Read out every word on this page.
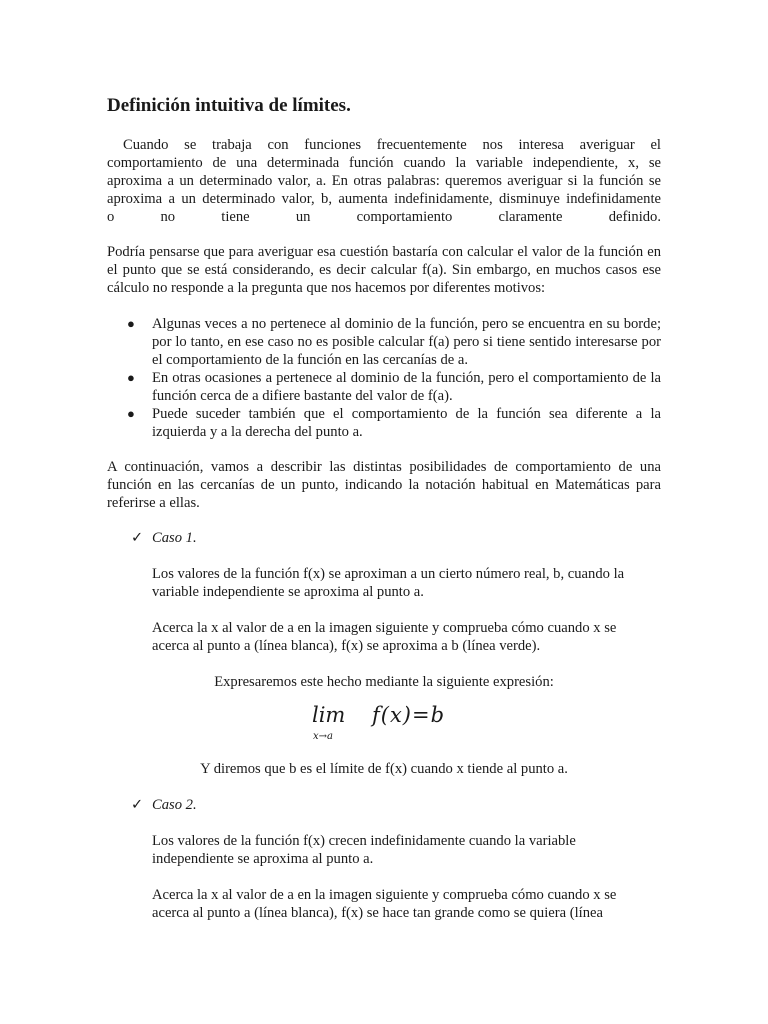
Definición intuitiva de límites.

Cuando se trabaja con funciones frecuentemente nos interesa averiguar el

comportamiento de una determinada función cuando la variable independiente, x, se

aproxima a un determinado valor, a. En otras palabras: queremos averiguar si la función se

aproxima a un determinado valor, b, aumenta indefinidamente, disminuye indefinidamente

o no tiene un comportamiento claramente definido.

Podría pensarse que para averiguar esa cuestión bastaría con calcular el valor de la función en el punto que se está considerando, es decir calcular f(a). Sin embargo, en muchos casos ese cálculo no responde a la pregunta que nos hacemos por diferentes motivos:

● Algunas veces a no pertenece al dominio de la función, pero se encuentra en su borde; por lo tanto, en ese caso no es posible calcular f(a) pero si tiene sentido interesarse por el comportamiento de la función en las cercanías de a.
● En otras ocasiones a pertenece al dominio de la función, pero el comportamiento de la función cerca de a difiere bastante del valor de f(a).
● Puede suceder también que el comportamiento de la función sea diferente a la izquierda y a la derecha del punto a.

A continuación, vamos a describir las distintas posibilidades de comportamiento de una función en las cercanías de un punto, indicando la notación habitual en Matemáticas para referirse a ellas.

✓ Caso 1.

Los valores de la función f(x) se aproximan a un cierto número real, b, cuando la variable independiente se aproxima al punto a.

Acerca la x al valor de a en la imagen siguiente y comprueba cómo cuando x se acerca al punto a (línea blanca), f(x) se aproxima a b (línea verde).

Expresaremos este hecho mediante la siguiente expresión:

lim
x→a
f(x)=b

Y diremos que b es el límite de f(x) cuando x tiende al punto a.

✓ Caso 2.

Los valores de la función f(x) crecen indefinidamente cuando la variable independiente se aproxima al punto a.

Acerca la x al valor de a en la imagen siguiente y comprueba cómo cuando x se acerca al punto a (línea blanca), f(x) se hace tan grande como se quiera (línea
